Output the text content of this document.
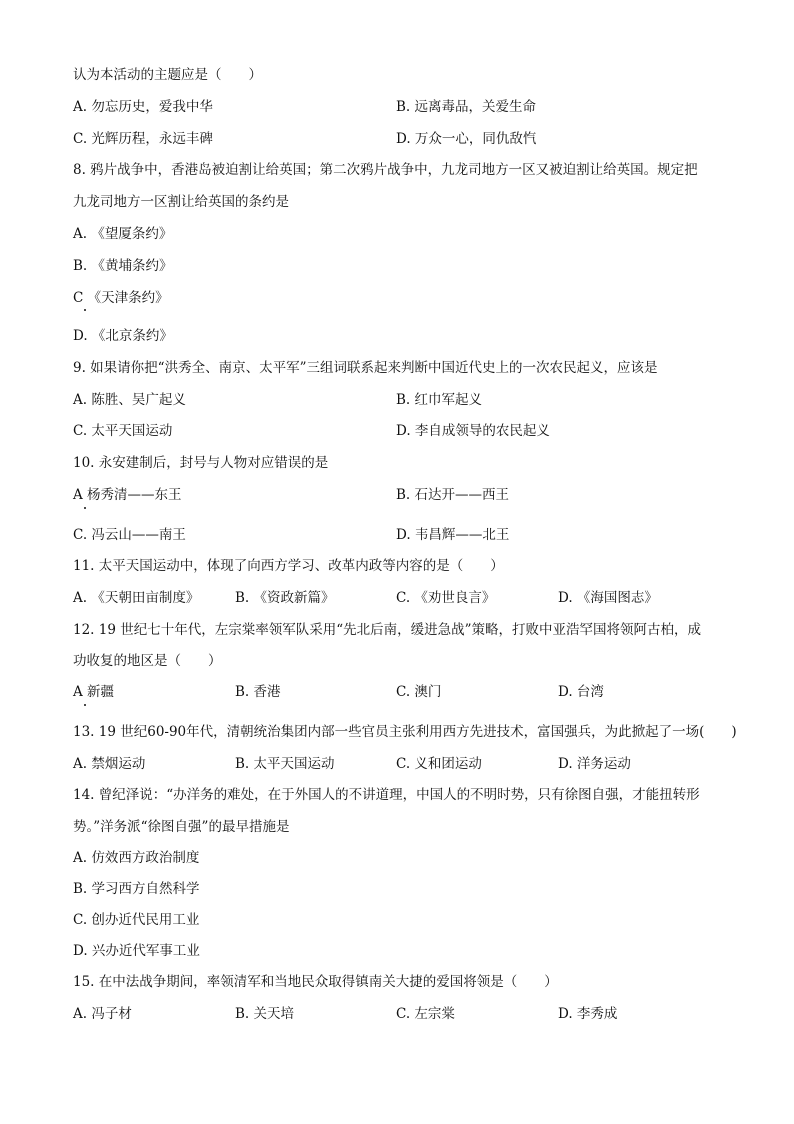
认为本活动的主题应是（　　）
A. 勿忘历史，爱我中华	B. 远离毒品，关爱生命
C. 光辉历程，永远丰碑	D. 万众一心，同仇敌忾
8. 鸦片战争中，香港岛被迫割让给英国；第二次鸦片战争中，九龙司地方一区又被迫割让给英国。规定把
九龙司地方一区割让给英国的条约是
A. 《望厦条约》
B. 《黄埔条约》
C 《天津条约》
D. 《北京条约》
9. 如果请你把“洪秀全、南京、太平军”三组词联系起来判断中国近代史上的一次农民起义，应该是
A. 陈胜、吴广起义	B. 红巾军起义
C. 太平天国运动	D. 李自成领导的农民起义
10. 永安建制后，封号与人物对应错误的是
A 杨秀清——东王	B. 石达开——西王
C. 冯云山——南王	D. 韦昌辉——北王
11. 太平天国运动中，体现了向西方学习、改革内政等内容的是（　　）
A. 《天朝田亩制度》	B. 《资政新篇》	C. 《劝世良言》	D. 《海国图志》
12. 19 世纪七十年代，左宗棠率领军队采用“先北后南，缓进急战”策略，打败中亚浩罕国将领阿古柏，成
功收复的地区是（　　）
A 新疆	B. 香港	C. 澳门	D. 台湾
13. 19 世纪60-90年代，清朝统治集团内部一些官员主张利用西方先进技术，富国强兵，为此掀起了一场(　　)
A. 禁烟运动	B. 太平天国运动	C. 义和团运动	D. 洋务运动
14. 曾纪泽说：“办洋务的难处，在于外国人的不讲道理，中国人的不明时势，只有徐图自强，才能扭转形
势。”洋务派“徐图自强”的最早措施是
A. 仿效西方政治制度
B. 学习西方自然科学
C. 创办近代民用工业
D. 兴办近代军事工业
15. 在中法战争期间，率领清军和当地民众取得镇南关大捷的爱国将领是（　　）
A. 冯子材	B. 关天培	C. 左宗棠	D. 李秀成
